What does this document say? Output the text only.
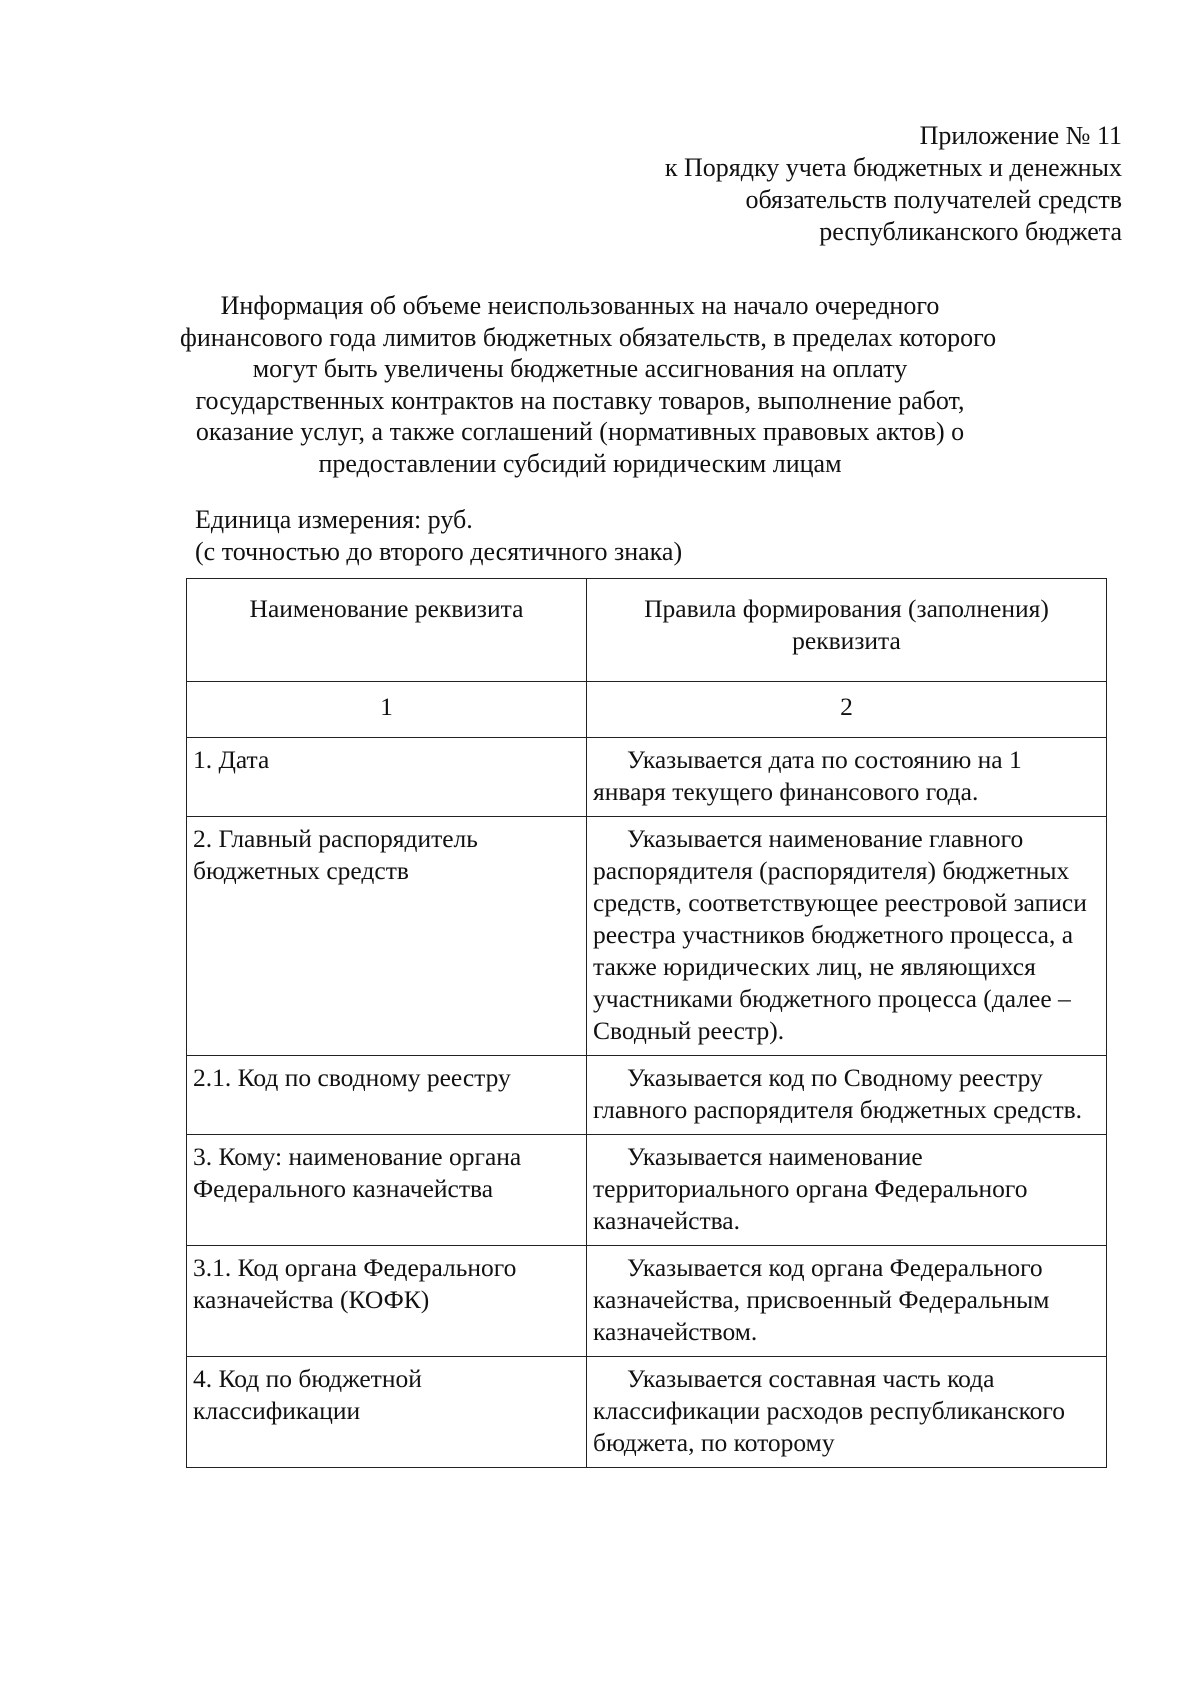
Приложение № 11
к Порядку учета бюджетных и денежных
обязательств получателей средств
республиканского бюджета
Информация об объеме неиспользованных на начало очередного
финансового года лимитов бюджетных обязательств, в пределах которого
могут быть увеличены бюджетные ассигнования на оплату
государственных контрактов на поставку товаров, выполнение работ,
оказание услуг, а также соглашений (нормативных правовых актов) о
предоставлении субсидий юридическим лицам
Единица измерения: руб.
(с точностью до второго десятичного знака)
Наименование реквизита	Правила формирования (заполнения) реквизита
1	2
1. Дата	Указывается дата по состоянию на 1 января текущего финансового года.
2. Главный распорядитель бюджетных средств	Указывается наименование главного распорядителя (распорядителя) бюджетных средств, соответствующее реестровой записи реестра участников бюджетного процесса, а также юридических лиц, не являющихся участниками бюджетного процесса (далее – Сводный реестр).
2.1. Код по сводному реестру	Указывается код по Сводному реестру главного распорядителя бюджетных средств.
3. Кому: наименование органа Федерального казначейства	Указывается наименование территориального органа Федерального казначейства.
3.1. Код органа Федерального казначейства (КОФК)	Указывается код органа Федерального казначейства, присвоенный Федеральным казначейством.
4. Код по бюджетной классификации	Указывается составная часть кода классификации расходов республиканского бюджета, по которому
